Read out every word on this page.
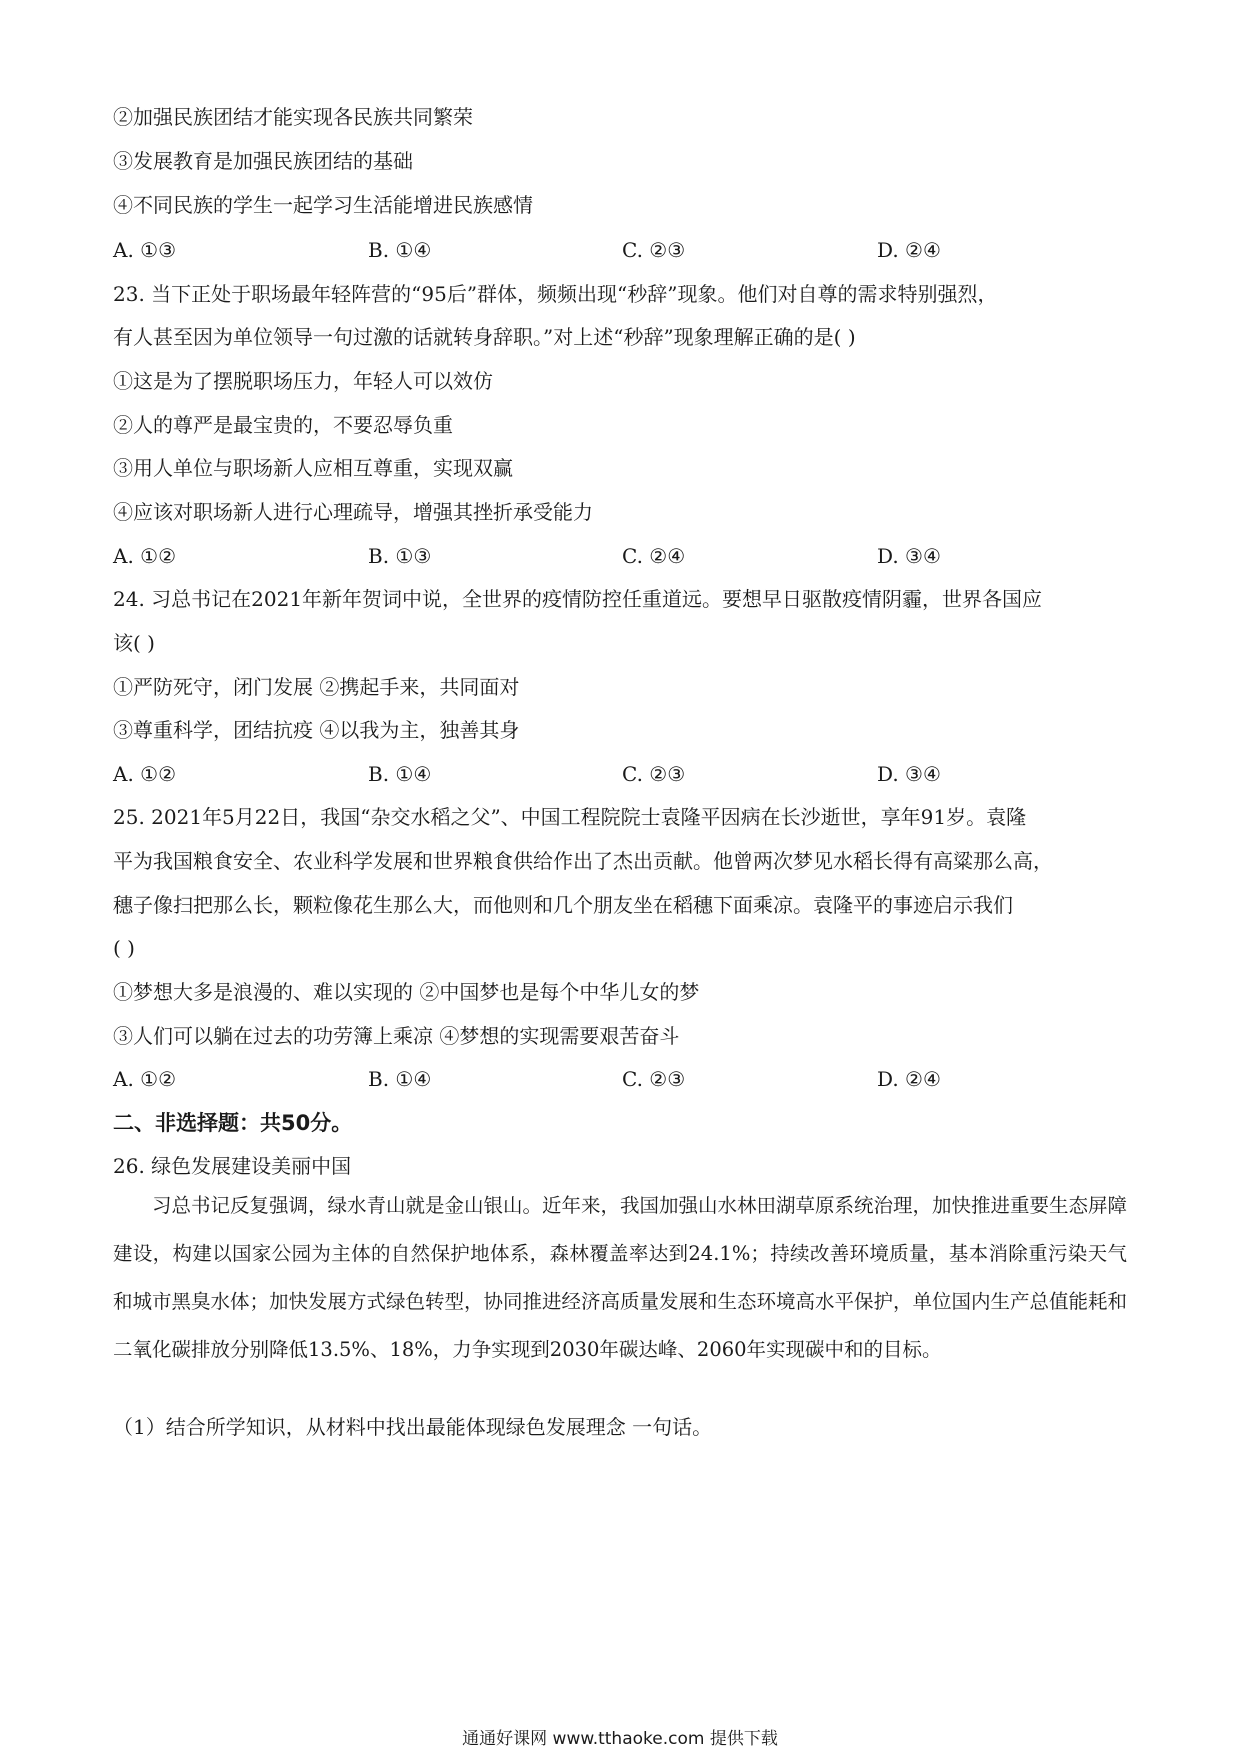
②加强民族团结才能实现各民族共同繁荣
③发展教育是加强民族团结的基础
④不同民族的学生一起学习生活能增进民族感情
A. ①③	B. ①④	C. ②③	D. ②④
23. 当下正处于职场最年轻阵营的“95后”群体，频频出现“秒辞”现象。他们对自尊的需求特别强烈，
有人甚至因为单位领导一句过激的话就转身辞职。”对上述“秒辞”现象理解正确的是( )
①这是为了摆脱职场压力，年轻人可以效仿
②人的尊严是最宝贵的，不要忍辱负重
③用人单位与职场新人应相互尊重，实现双赢
④应该对职场新人进行心理疏导，增强其挫折承受能力
A. ①②	B. ①③	C. ②④	D. ③④
24. 习总书记在2021年新年贺词中说，全世界的疫情防控任重道远。要想早日驱散疫情阴霾，世界各国应
该( )
①严防死守，闭门发展 ②携起手来，共同面对
③尊重科学，团结抗疫 ④以我为主，独善其身
A. ①②	B. ①④	C. ②③	D. ③④
25. 2021年5月22日，我国“杂交水稻之父”、中国工程院院士袁隆平因病在长沙逝世，享年91岁。袁隆
平为我国粮食安全、农业科学发展和世界粮食供给作出了杰出贡献。他曾两次梦见水稻长得有高粱那么高，
穗子像扫把那么长，颗粒像花生那么大，而他则和几个朋友坐在稻穗下面乘凉。袁隆平的事迹启示我们
( )
①梦想大多是浪漫的、难以实现的 ②中国梦也是每个中华儿女的梦
③人们可以躺在过去的功劳簿上乘凉 ④梦想的实现需要艰苦奋斗
A. ①②	B. ①④	C. ②③	D. ②④
二、非选择题：共50分。
26. 绿色发展建设美丽中国
习总书记反复强调，绿水青山就是金山银山。近年来，我国加强山水林田湖草原系统治理，加快推进重要生态屏障建设，构建以国家公园为主体的自然保护地体系，森林覆盖率达到24.1%；持续改善环境质量，基本消除重污染天气和城市黑臭水体；加快发展方式绿色转型，协同推进经济高质量发展和生态环境高水平保护，单位国内生产总值能耗和二氧化碳排放分别降低13.5%、18%，力争实现到2030年碳达峰、2060年实现碳中和的目标。
（1）结合所学知识，从材料中找出最能体现绿色发展理念 一句话。
通通好课网 www.tthaoke.com 提供下载
